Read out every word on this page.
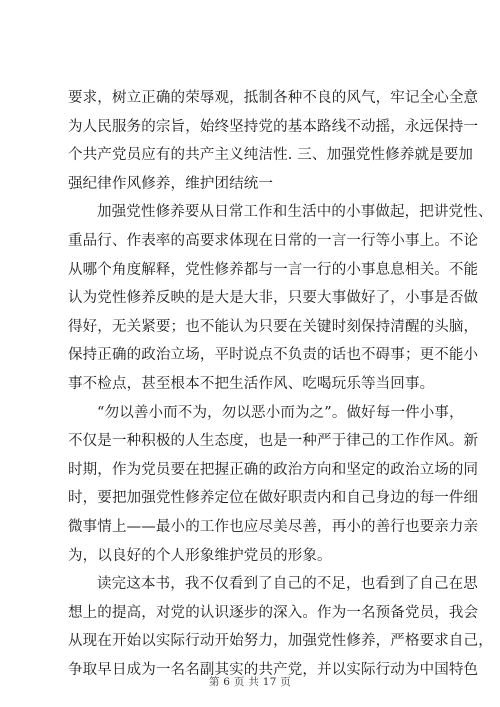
要求，树立正确的荣辱观，抵制各种不良的风气，牢记全心全意
为人民服务的宗旨，始终坚持党的基本路线不动摇，永远保持一
个共产党员应有的共产主义纯洁性. 三、加强党性修养就是要加
强纪律作风修养，维护团结统一
加强党性修养要从日常工作和生活中的小事做起，把讲党性、
重品行、作表率的高要求体现在日常的一言一行等小事上。不论
从哪个角度解释，党性修养都与一言一行的小事息息相关。不能
认为党性修养反映的是大是大非，只要大事做好了，小事是否做
得好，无关紧要；也不能认为只要在关键时刻保持清醒的头脑，
保持正确的政治立场，平时说点不负责的话也不碍事；更不能小
事不检点，甚至根本不把生活作风、吃喝玩乐等当回事。
“勿以善小而不为，勿以恶小而为之”。做好每一件小事，
不仅是一种积极的人生态度，也是一种严于律己的工作作风。新
时期，作为党员要在把握正确的政治方向和坚定的政治立场的同
时，要把加强党性修养定位在做好职责内和自己身边的每一件细
微事情上——最小的工作也应尽美尽善，再小的善行也要亲力亲
为，以良好的个人形象维护党员的形象。
读完这本书，我不仅看到了自己的不足，也看到了自己在思
想上的提高，对党的认识逐步的深入。作为一名预备党员，我会
从现在开始以实际行动开始努力，加强党性修养，严格要求自己，
争取早日成为一名名副其实的共产党，并以实际行动为中国特色
第 6 页 共 17 页
